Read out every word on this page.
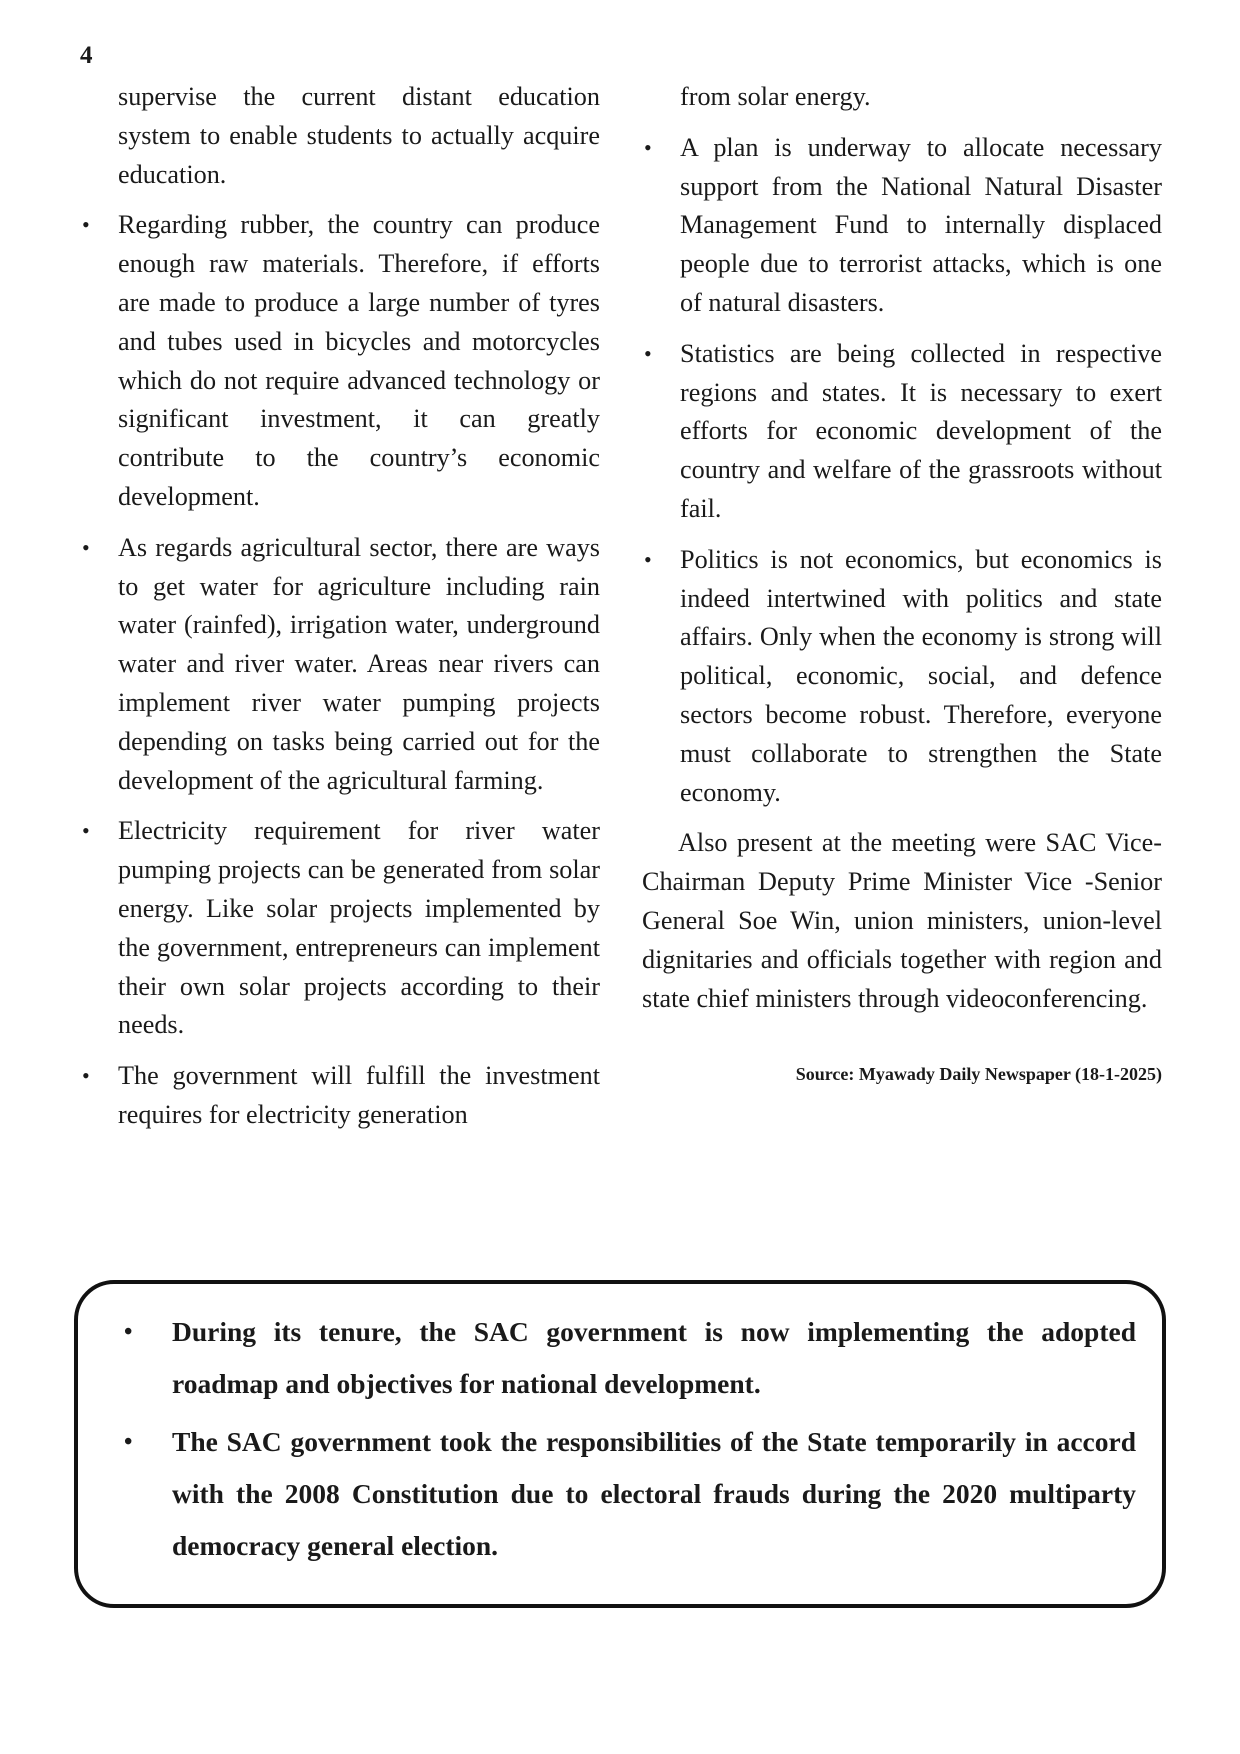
4

supervise the current distant education system to enable students to actually acquire education.

• Regarding rubber, the country can produce enough raw materials. Therefore, if efforts are made to produce a large number of tyres and tubes used in bicycles and motorcycles which do not require advanced technology or significant investment, it can greatly contribute to the country’s economic development.
• As regards agricultural sector, there are ways to get water for agriculture including rain water (rainfed), irrigation water, underground water and river water. Areas near rivers can implement river water pumping projects depending on tasks being carried out for the development of the agricultural farming.
• Electricity requirement for river water pumping projects can be generated from solar energy. Like solar projects implemented by the government, entrepreneurs can implement their own solar projects according to their needs.
• The government will fulfill the investment requires for electricity generation

from solar energy.

• A plan is underway to allocate necessary support from the National Natural Disaster Management Fund to internally displaced people due to terrorist attacks, which is one of natural disasters.
• Statistics are being collected in respective regions and states. It is necessary to exert efforts for economic development of the country and welfare of the grassroots without fail.
• Politics is not economics, but economics is indeed intertwined with politics and state affairs. Only when the economy is strong will political, economic, social, and defence sectors become robust. Therefore, everyone must collaborate to strengthen the State economy.

Also present at the meeting were SAC Vice-Chairman Deputy Prime Minister Vice -Senior General Soe Win, union ministers, union-level dignitaries and officials together with region and state chief ministers through videoconferencing.

Source: Myawady Daily Newspaper (18-1-2025)
• During its tenure, the SAC government is now implementing the adopted roadmap and objectives for national development.
• The SAC government took the responsibilities of the State temporarily in accord with the 2008 Constitution due to electoral frauds during the 2020 multiparty democracy general election.
